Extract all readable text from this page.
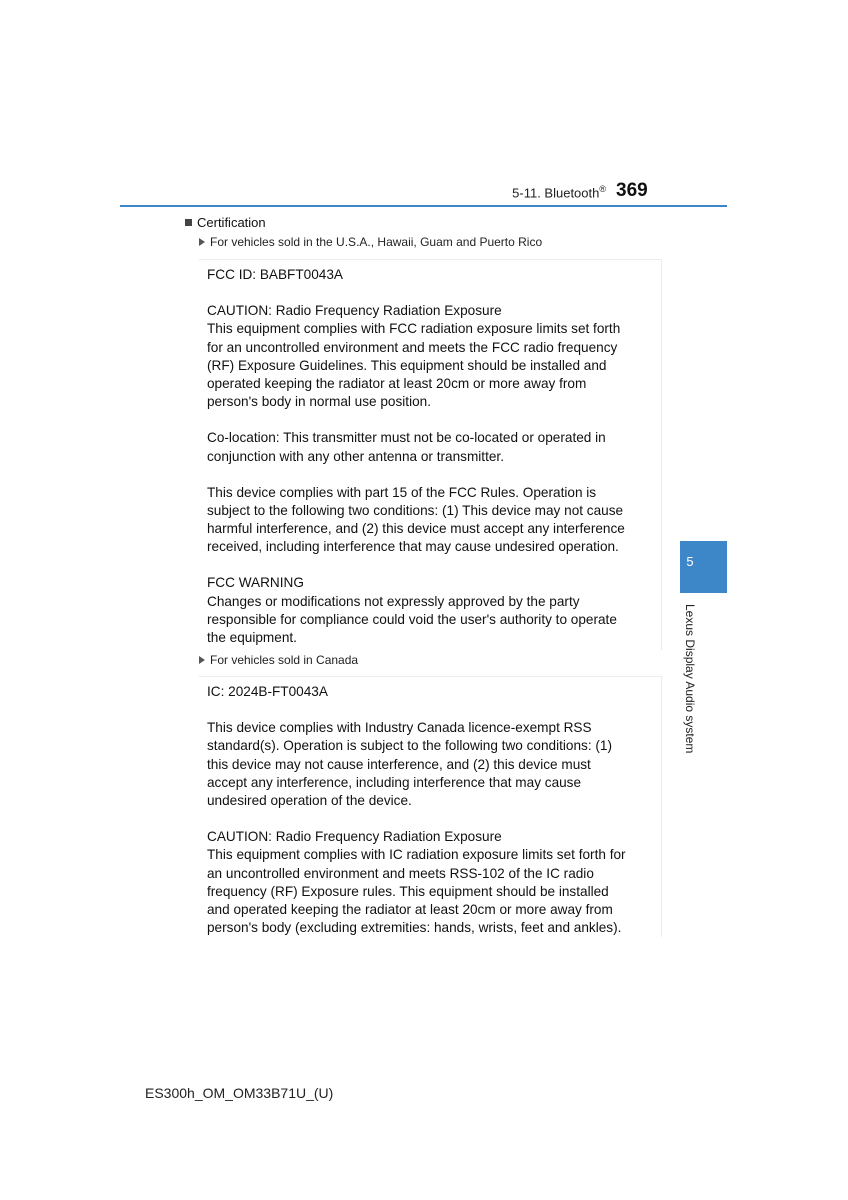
5-11. Bluetooth® 369
5
Lexus Display Audio system
Certification
For vehicles sold in the U.S.A., Hawaii, Guam and Puerto Rico
FCC ID: BABFT0043A
CAUTION: Radio Frequency Radiation Exposure
This equipment complies with FCC radiation exposure limits set forth
for an uncontrolled environment and meets the FCC radio frequency
(RF) Exposure Guidelines. This equipment should be installed and
operated keeping the radiator at least 20cm or more away from
person's body in normal use position.
Co-location: This transmitter must not be co-located or operated in
conjunction with any other antenna or transmitter.
This device complies with part 15 of the FCC Rules. Operation is
subject to the following two conditions: (1) This device may not cause
harmful interference, and (2) this device must accept any interference
received, including interference that may cause undesired operation.
FCC WARNING
Changes or modifications not expressly approved by the party
responsible for compliance could void the user's authority to operate
the equipment.
For vehicles sold in Canada
IC: 2024B-FT0043A
This device complies with Industry Canada licence-exempt RSS
standard(s). Operation is subject to the following two conditions: (1)
this device may not cause interference, and (2) this device must
accept any interference, including interference that may cause
undesired operation of the device.
CAUTION: Radio Frequency Radiation Exposure
This equipment complies with IC radiation exposure limits set forth for
an uncontrolled environment and meets RSS-102 of the IC radio
frequency (RF) Exposure rules. This equipment should be installed
and operated keeping the radiator at least 20cm or more away from
person's body (excluding extremities: hands, wrists, feet and ankles).
ES300h_OM_OM33B71U_(U)
